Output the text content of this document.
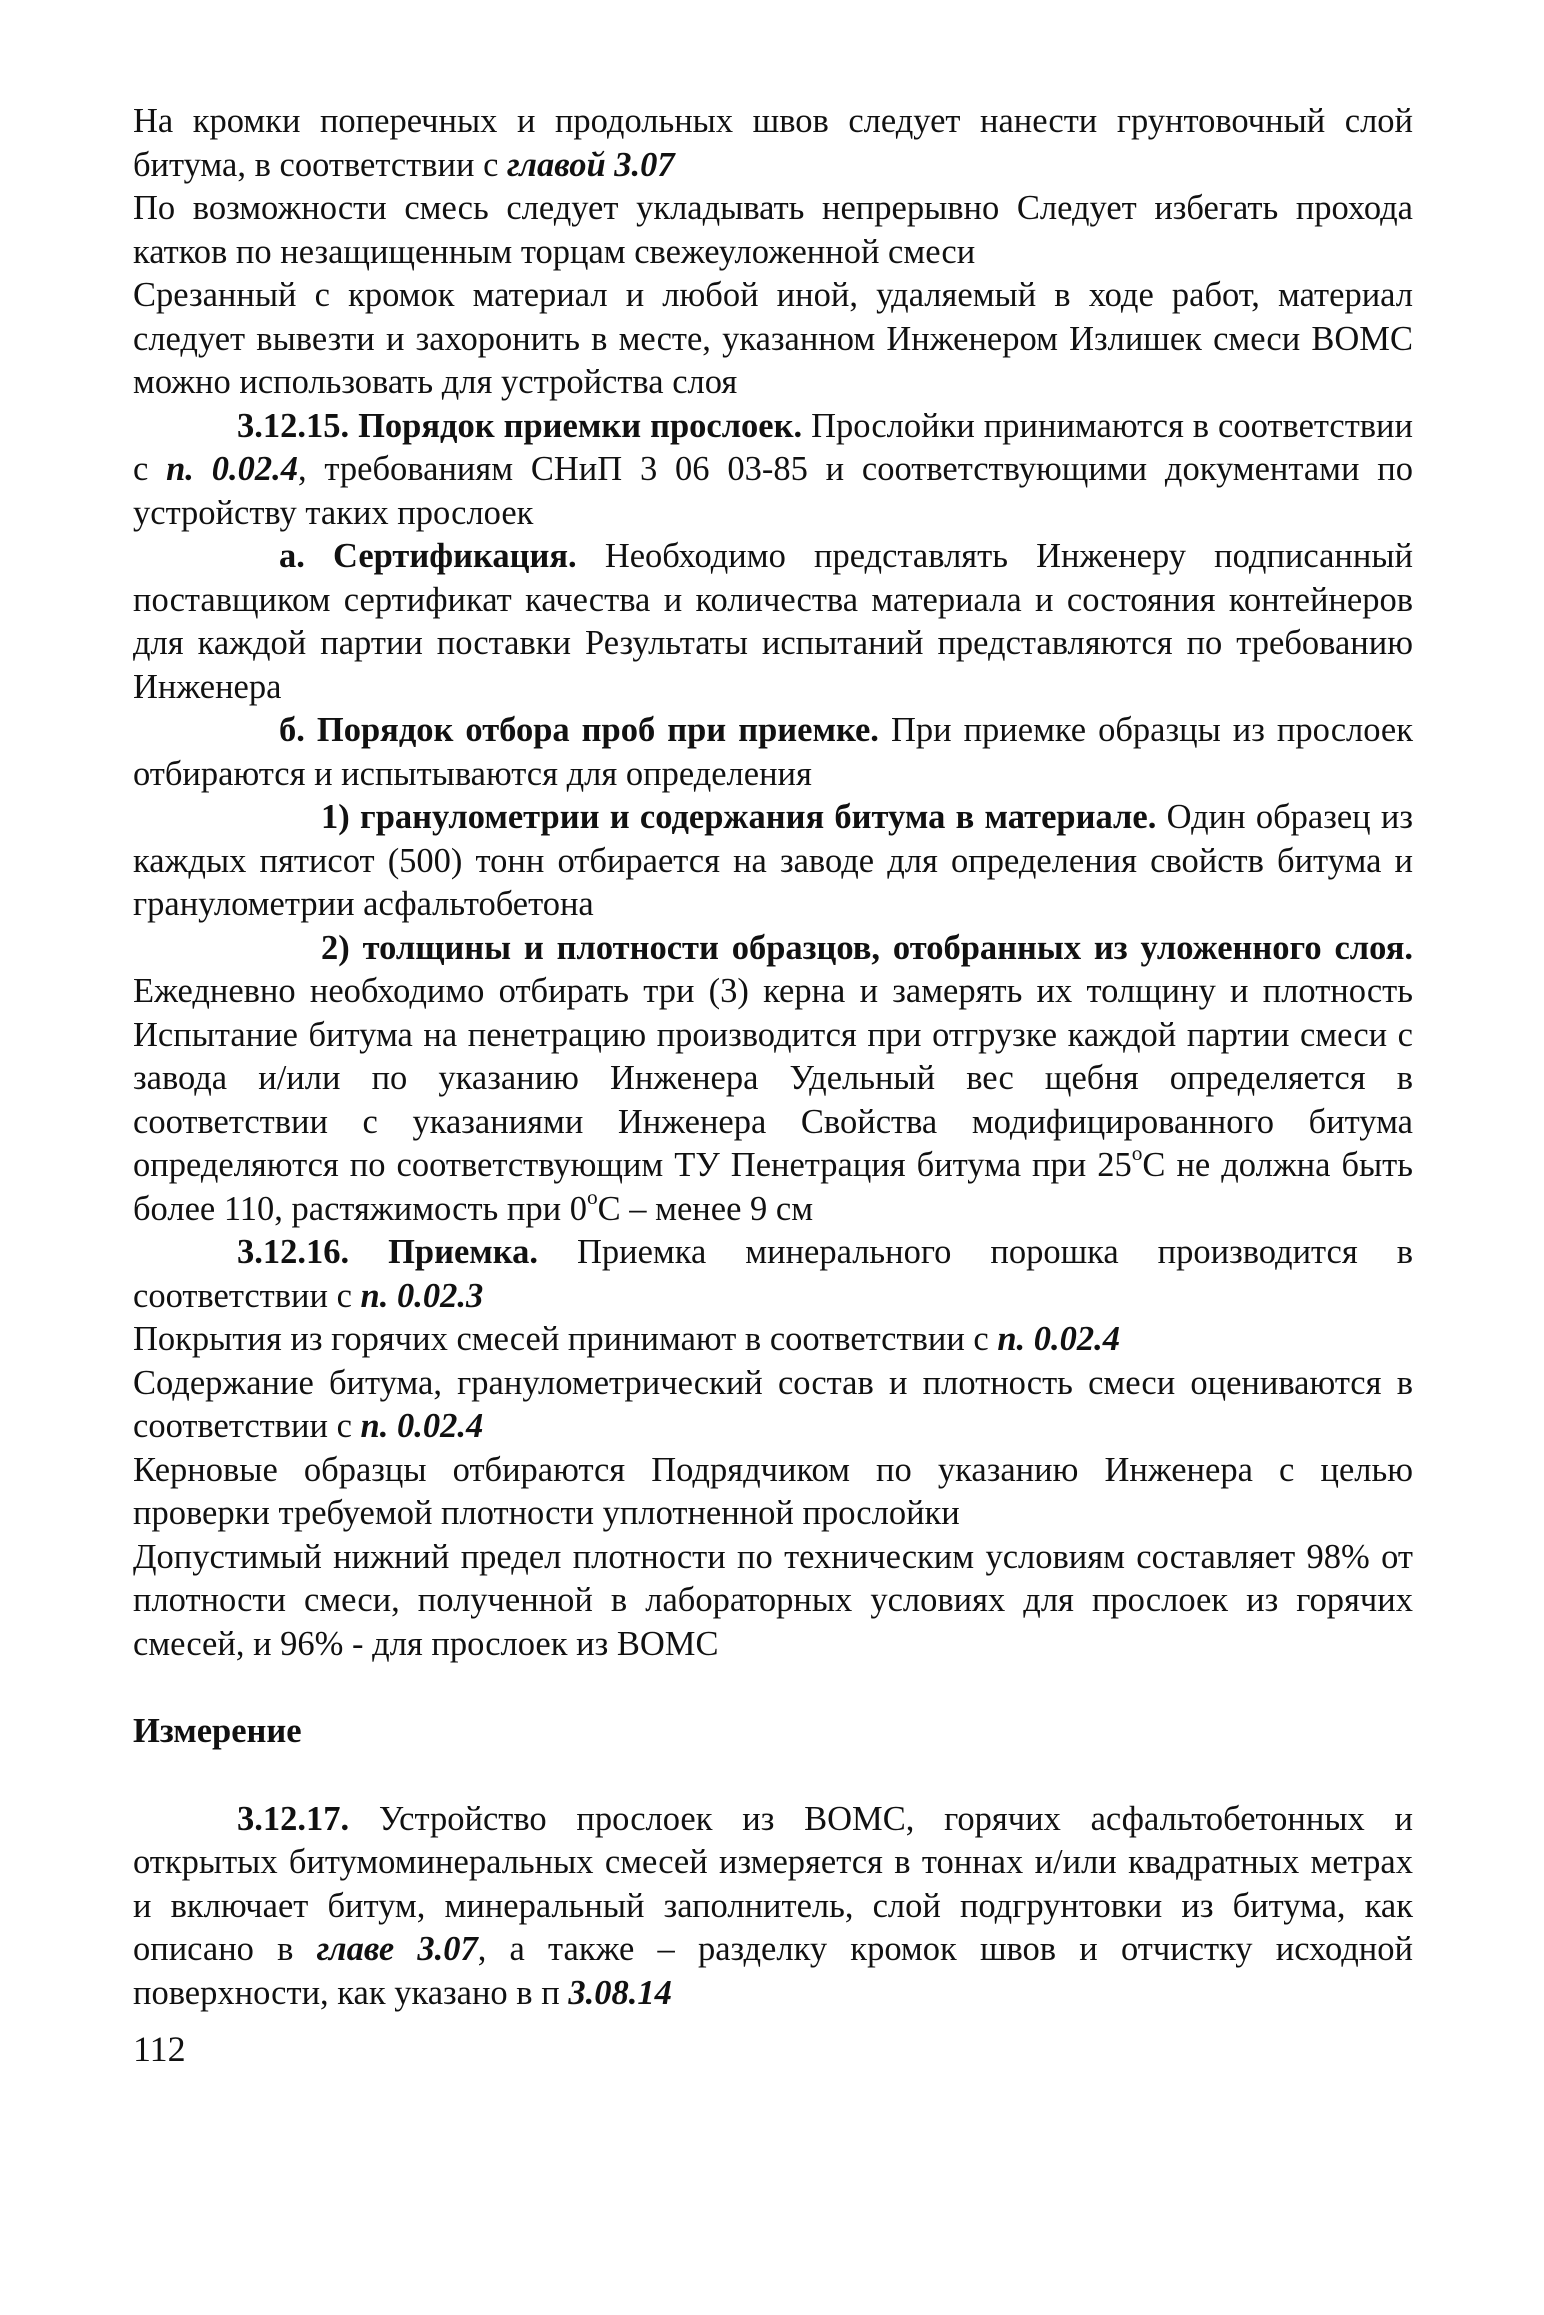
На кромки поперечных и продольных швов следует нанести грунтовочный слой битума, в соответствии с главой 3.07

По возможности смесь следует укладывать непрерывно Следует избегать прохода катков по незащищенным торцам свежеуложенной смеси

Срезанный с кромок материал и любой иной, удаляемый в ходе работ, материал следует вывезти и захоронить в месте, указанном Инженером Излишек смеси ВОМС можно использовать для устройства слоя

3.12.15. Порядок приемки прослоек. Прослойки принимаются в соответствии с п. 0.02.4, требованиям СНиП 3 06 03-85 и соответствующими документами по устройству таких прослоек

а. Сертификация. Необходимо представлять Инженеру подписанный поставщиком сертификат качества и количества материала и состояния контейнеров для каждой партии поставки Результаты испытаний представляются по требованию Инженера

б. Порядок отбора проб при приемке. При приемке образцы из прослоек отбираются и испытываются для определения

1) гранулометрии и содержания битума в материале. Один образец из каждых пятисот (500) тонн отбирается на заводе для определения свойств битума и гранулометрии асфальтобетона

2) толщины и плотности образцов, отобранных из уложенного слоя. Ежедневно необходимо отбирать три (3) керна и замерять их толщину и плотность Испытание битума на пенетрацию производится при отгрузке каждой партии смеси с завода и/или по указанию Инженера Удельный вес щебня определяется в соответствии с указаниями Инженера Свойства модифицированного битума определяются по соответствующим ТУ Пенетрация битума при 25$^o$С не должна быть более 110, растяжимость при 0$^o$С – менее 9 см

3.12.16. Приемка. Приемка минерального порошка производится в соответствии с п. 0.02.3

Покрытия из горячих смесей принимают в соответствии с п. 0.02.4

Содержание битума, гранулометрический состав и плотность смеси оцениваются в соответствии с п. 0.02.4

Керновые образцы отбираются Подрядчиком по указанию Инженера с целью проверки требуемой плотности уплотненной прослойки

Допустимый нижний предел плотности по техническим условиям составляет 98% от плотности смеси, полученной в лабораторных условиях для прослоек из горячих смесей, и 96% - для прослоек из ВОМС

Измерение

3.12.17. Устройство прослоек из ВОМС, горячих асфальтобетонных и открытых битумоминеральных смесей измеряется в тоннах и/или квадратных метрах и включает битум, минеральный заполнитель, слой подгрунтовки из битума, как описано в главе 3.07, а также – разделку кромок швов и отчистку исходной поверхности, как указано в п 3.08.14

112
